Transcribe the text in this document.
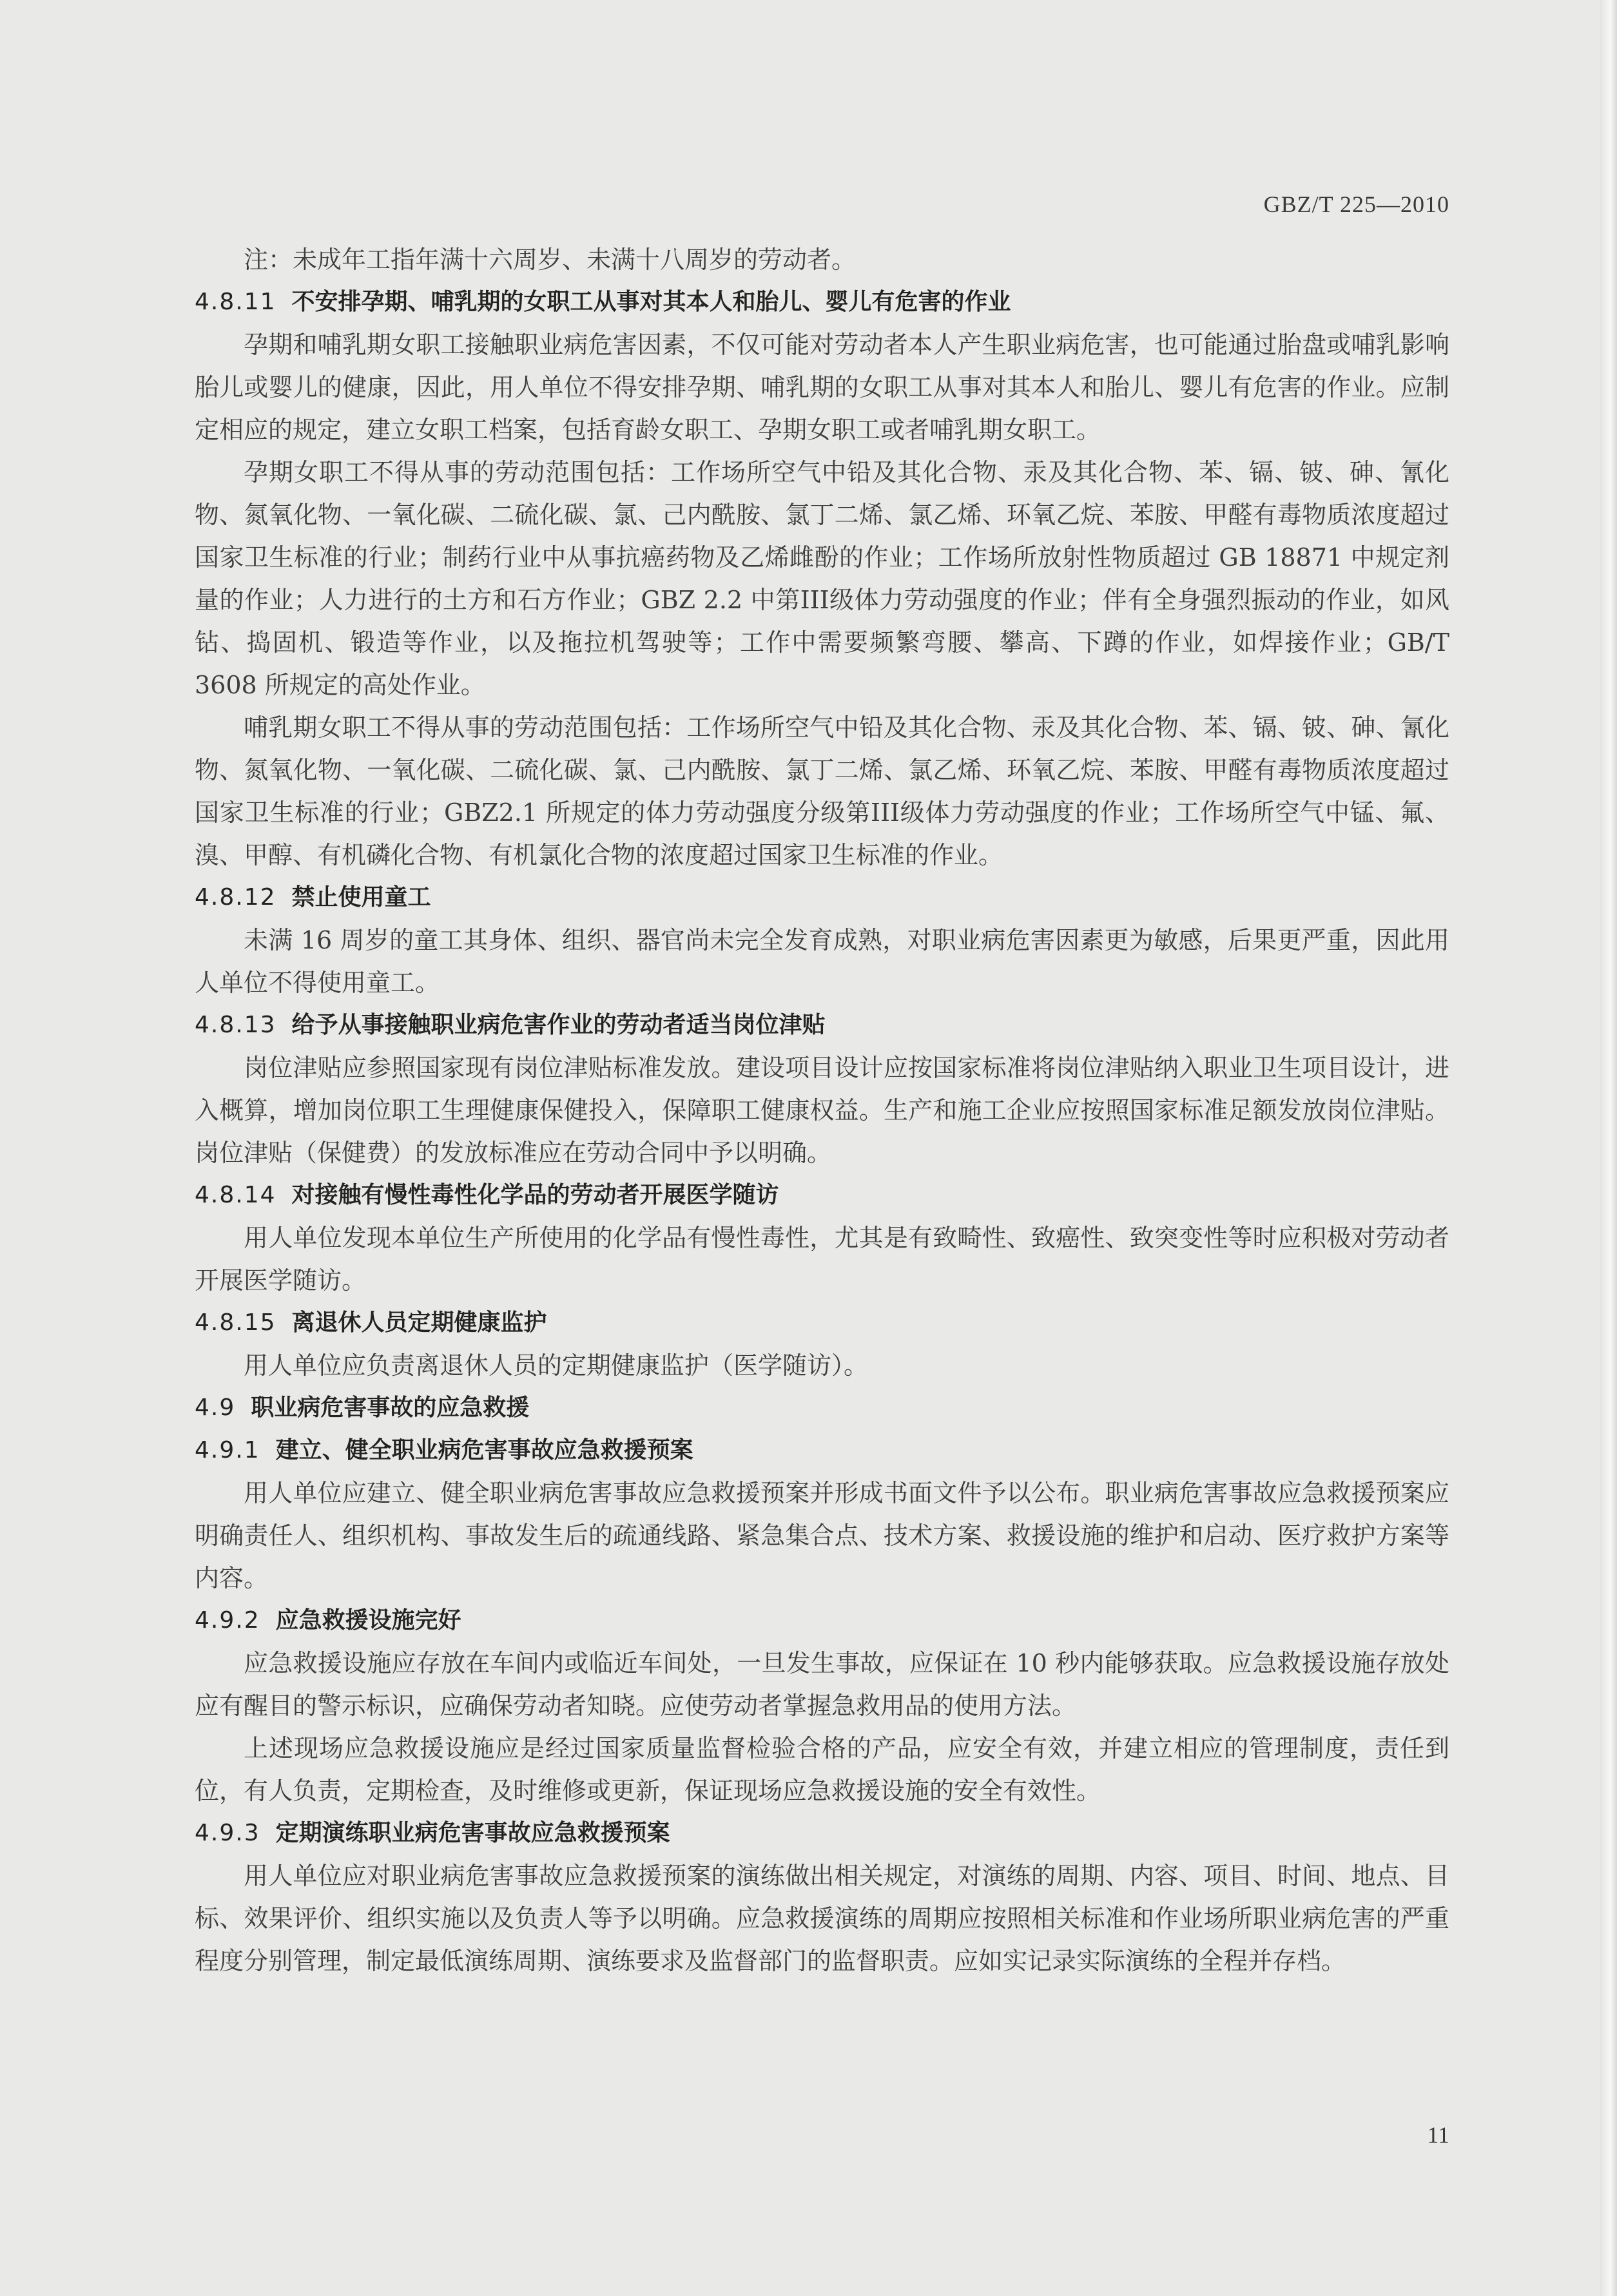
GBZ/T 225—2010

注：未成年工指年满十六周岁、未满十八周岁的劳动者。

4.8.11 不安排孕期、哺乳期的女职工从事对其本人和胎儿、婴儿有危害的作业

孕期和哺乳期女职工接触职业病危害因素，不仅可能对劳动者本人产生职业病危害，也可能通过胎盘或哺乳影响胎儿或婴儿的健康，因此，用人单位不得安排孕期、哺乳期的女职工从事对其本人和胎儿、婴儿有危害的作业。应制定相应的规定，建立女职工档案，包括育龄女职工、孕期女职工或者哺乳期女职工。

孕期女职工不得从事的劳动范围包括：工作场所空气中铅及其化合物、汞及其化合物、苯、镉、铍、砷、氰化物、氮氧化物、一氧化碳、二硫化碳、氯、己内酰胺、氯丁二烯、氯乙烯、环氧乙烷、苯胺、甲醛有毒物质浓度超过国家卫生标准的行业；制药行业中从事抗癌药物及乙烯雌酚的作业；工作场所放射性物质超过 GB 18871 中规定剂量的作业；人力进行的土方和石方作业；GBZ 2.2 中第III级体力劳动强度的作业；伴有全身强烈振动的作业，如风钻、捣固机、锻造等作业，以及拖拉机驾驶等；工作中需要频繁弯腰、攀高、下蹲的作业，如焊接作业；GB/T 3608 所规定的高处作业。

哺乳期女职工不得从事的劳动范围包括：工作场所空气中铅及其化合物、汞及其化合物、苯、镉、铍、砷、氰化物、氮氧化物、一氧化碳、二硫化碳、氯、己内酰胺、氯丁二烯、氯乙烯、环氧乙烷、苯胺、甲醛有毒物质浓度超过国家卫生标准的行业；GBZ2.1 所规定的体力劳动强度分级第III级体力劳动强度的作业；工作场所空气中锰、氟、溴、甲醇、有机磷化合物、有机氯化合物的浓度超过国家卫生标准的作业。

4.8.12 禁止使用童工

未满 16 周岁的童工其身体、组织、器官尚未完全发育成熟，对职业病危害因素更为敏感，后果更严重，因此用人单位不得使用童工。

4.8.13 给予从事接触职业病危害作业的劳动者适当岗位津贴

岗位津贴应参照国家现有岗位津贴标准发放。建设项目设计应按国家标准将岗位津贴纳入职业卫生项目设计，进入概算，增加岗位职工生理健康保健投入，保障职工健康权益。生产和施工企业应按照国家标准足额发放岗位津贴。岗位津贴（保健费）的发放标准应在劳动合同中予以明确。

4.8.14 对接触有慢性毒性化学品的劳动者开展医学随访

用人单位发现本单位生产所使用的化学品有慢性毒性，尤其是有致畸性、致癌性、致突变性等时应积极对劳动者开展医学随访。

4.8.15 离退休人员定期健康监护

用人单位应负责离退休人员的定期健康监护（医学随访）。

4.9 职业病危害事故的应急救援
4.9.1 建立、健全职业病危害事故应急救援预案

用人单位应建立、健全职业病危害事故应急救援预案并形成书面文件予以公布。职业病危害事故应急救援预案应明确责任人、组织机构、事故发生后的疏通线路、紧急集合点、技术方案、救援设施的维护和启动、医疗救护方案等内容。

4.9.2 应急救援设施完好

应急救援设施应存放在车间内或临近车间处，一旦发生事故，应保证在 10 秒内能够获取。应急救援设施存放处应有醒目的警示标识，应确保劳动者知晓。应使劳动者掌握急救用品的使用方法。

上述现场应急救援设施应是经过国家质量监督检验合格的产品，应安全有效，并建立相应的管理制度，责任到位，有人负责，定期检查，及时维修或更新，保证现场应急救援设施的安全有效性。

4.9.3 定期演练职业病危害事故应急救援预案

用人单位应对职业病危害事故应急救援预案的演练做出相关规定，对演练的周期、内容、项目、时间、地点、目标、效果评价、组织实施以及负责人等予以明确。应急救援演练的周期应按照相关标准和作业场所职业病危害的严重程度分别管理，制定最低演练周期、演练要求及监督部门的监督职责。应如实记录实际演练的全程并存档。

11
